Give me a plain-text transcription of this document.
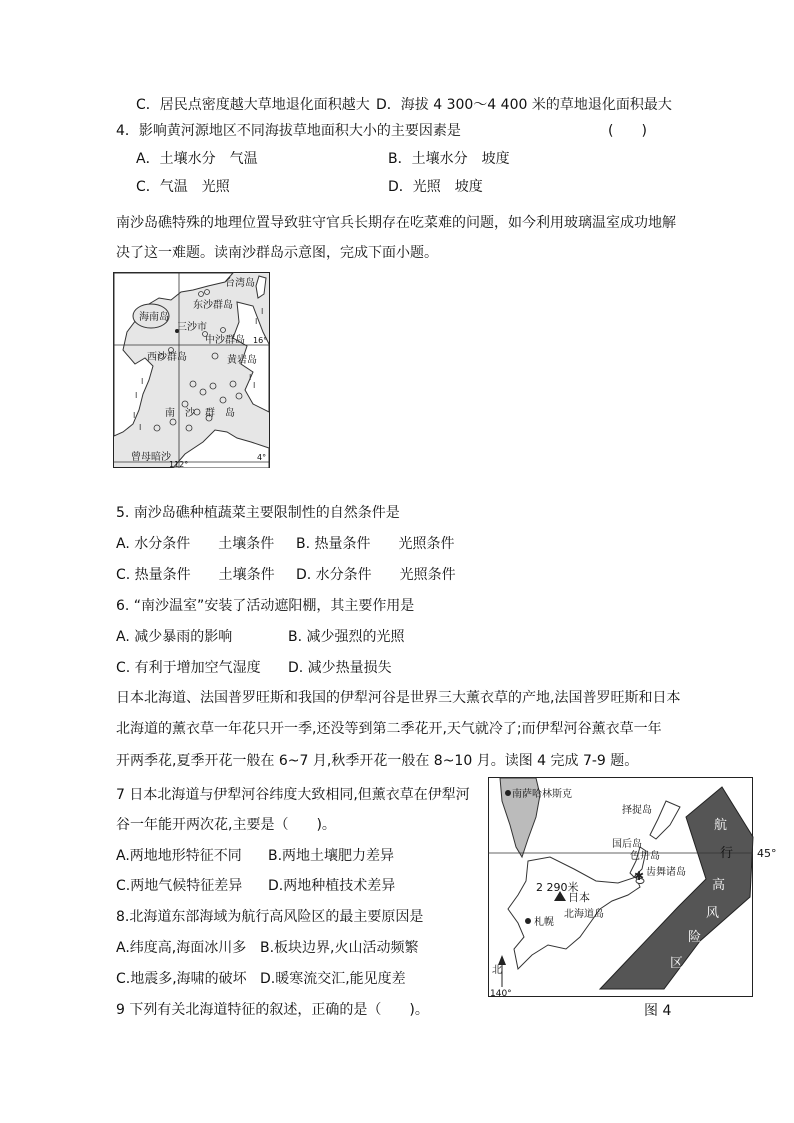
C．居民点密度越大草地退化面积越大 D．海拔 4 300～4 400 米的草地退化面积最大
4．影响黄河源地区不同海拔草地面积大小的主要因素是	(　　)
A．土壤水分　气温	B．土壤水分　坡度
C．气温　光照	D．光照　坡度
南沙岛礁特殊的地理位置导致驻守官兵长期存在吃菜难的问题，如今利用玻璃温室成功地解
决了这一难题。读南沙群岛示意图，完成下面小题。
I
I
I
I
I
I
I
I
台湾岛
东沙群岛
海南岛
三沙市
中沙群岛
西沙群岛	黄岩岛
南　沙　群　岛
曾母暗沙
16°
4°
112°
5. 南沙岛礁种植蔬菜主要限制性的自然条件是
A. 水分条件　　土壤条件 B. 热量条件　　光照条件
C. 热量条件　　土壤条件 D. 水分条件　　光照条件
6. “南沙温室”安装了活动遮阳棚，其主要作用是
A. 减少暴雨的影响	B. 减少强烈的光照
C. 有利于增加空气湿度 D. 减少热量损失
日本北海道、法国普罗旺斯和我国的伊犁河谷是世界三大薰衣草的产地,法国普罗旺斯和日本
北海道的薰衣草一年花只开一季,还没等到第二季花开,天气就冷了;而伊犁河谷薰衣草一年
开两季花,夏季开花一般在 6~7 月,秋季开花一般在 8~10 月。读图 4 完成 7-9 题。
7 日本北海道与伊犁河谷纬度大致相同,但薰衣草在伊犁河
谷一年能开两次花,主要是（　　)。
A.两地地形特征不同 B.两地土壤肥力差异
C.两地气候特征差异 D.两地种植技术差异
8.北海道东部海域为航行高风险区的最主要原因是
A.纬度高,海面冰川多 B.板块边界,火山活动频繁
C.地震多,海啸的破坏 D.暖寒流交汇,能见度差
9 下列有关北海道特征的叙述，正确的是（　　)。
✱
南萨哈林斯克
择捉岛
国后岛
色丹岛
齿舞诸岛
2 290米
日本
北海道岛
札幌
北
140°
航
行
高
风
险
区
45°
图 4
